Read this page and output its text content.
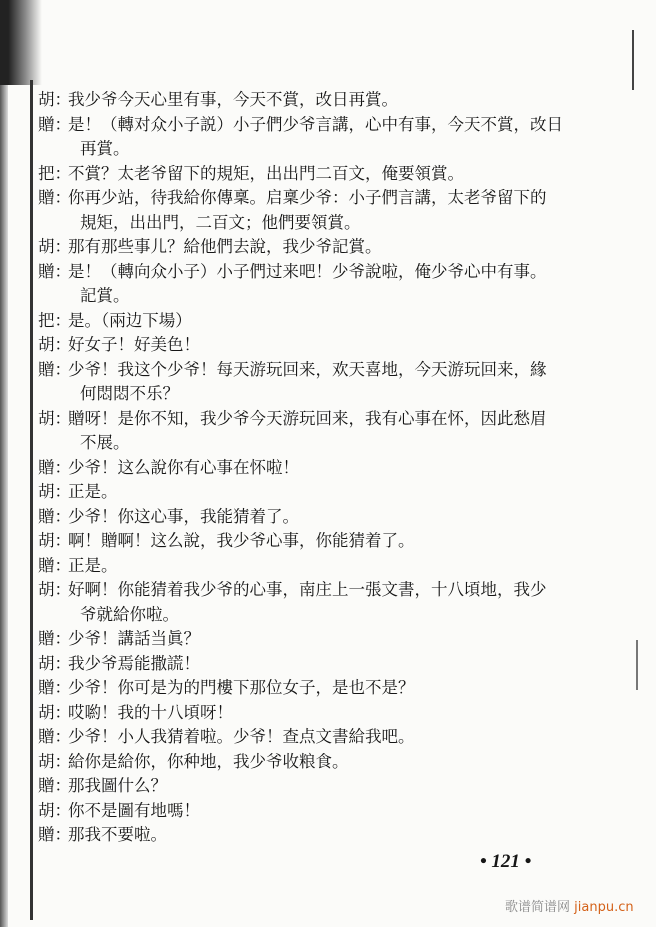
胡：我少爷今天心里有事，今天不賞，改日再賞。
贈：是！（轉对众小子説）小子們少爷言講，心中有事，今天不賞，改日
再賞。
把：不賞？太老爷留下的規矩，出出門二百文，俺要領賞。
贈：你再少站，待我給你傳稟。启稟少爷：小子們言講，太老爷留下的
規矩，出出門，二百文；他們要領賞。
胡：那有那些事儿？給他們去說，我少爷記賞。
贈：是！（轉向众小子）小子們过来吧！少爷說啦，俺少爷心中有事。
記賞。
把：是。（兩边下場）
胡：好女子！好美色！
贈：少爷！我这个少爷！每天游玩回来，欢天喜地，今天游玩回来，緣
何悶悶不乐？
胡：贈呀！是你不知，我少爷今天游玩回来，我有心事在怀，因此愁眉
不展。
贈：少爷！这么說你有心事在怀啦！
胡：正是。
贈：少爷！你这心事，我能猜着了。
胡：啊！贈啊！这么說，我少爷心事，你能猜着了。
贈：正是。
胡：好啊！你能猜着我少爷的心事，南庄上一張文書，十八頃地，我少
爷就給你啦。
贈：少爷！講話当眞？
胡：我少爷焉能撒謊！
贈：少爷！你可是为的門樓下那位女子，是也不是？
胡：哎喲！我的十八頃呀！
贈：少爷！小人我猜着啦。少爷！查点文書給我吧。
胡：給你是給你，你种地，我少爷收粮食。
贈：那我圖什么？
胡：你不是圖有地嗎！
贈：那我不要啦。
• 121 •
歌谱简谱网 jianpu.cn
